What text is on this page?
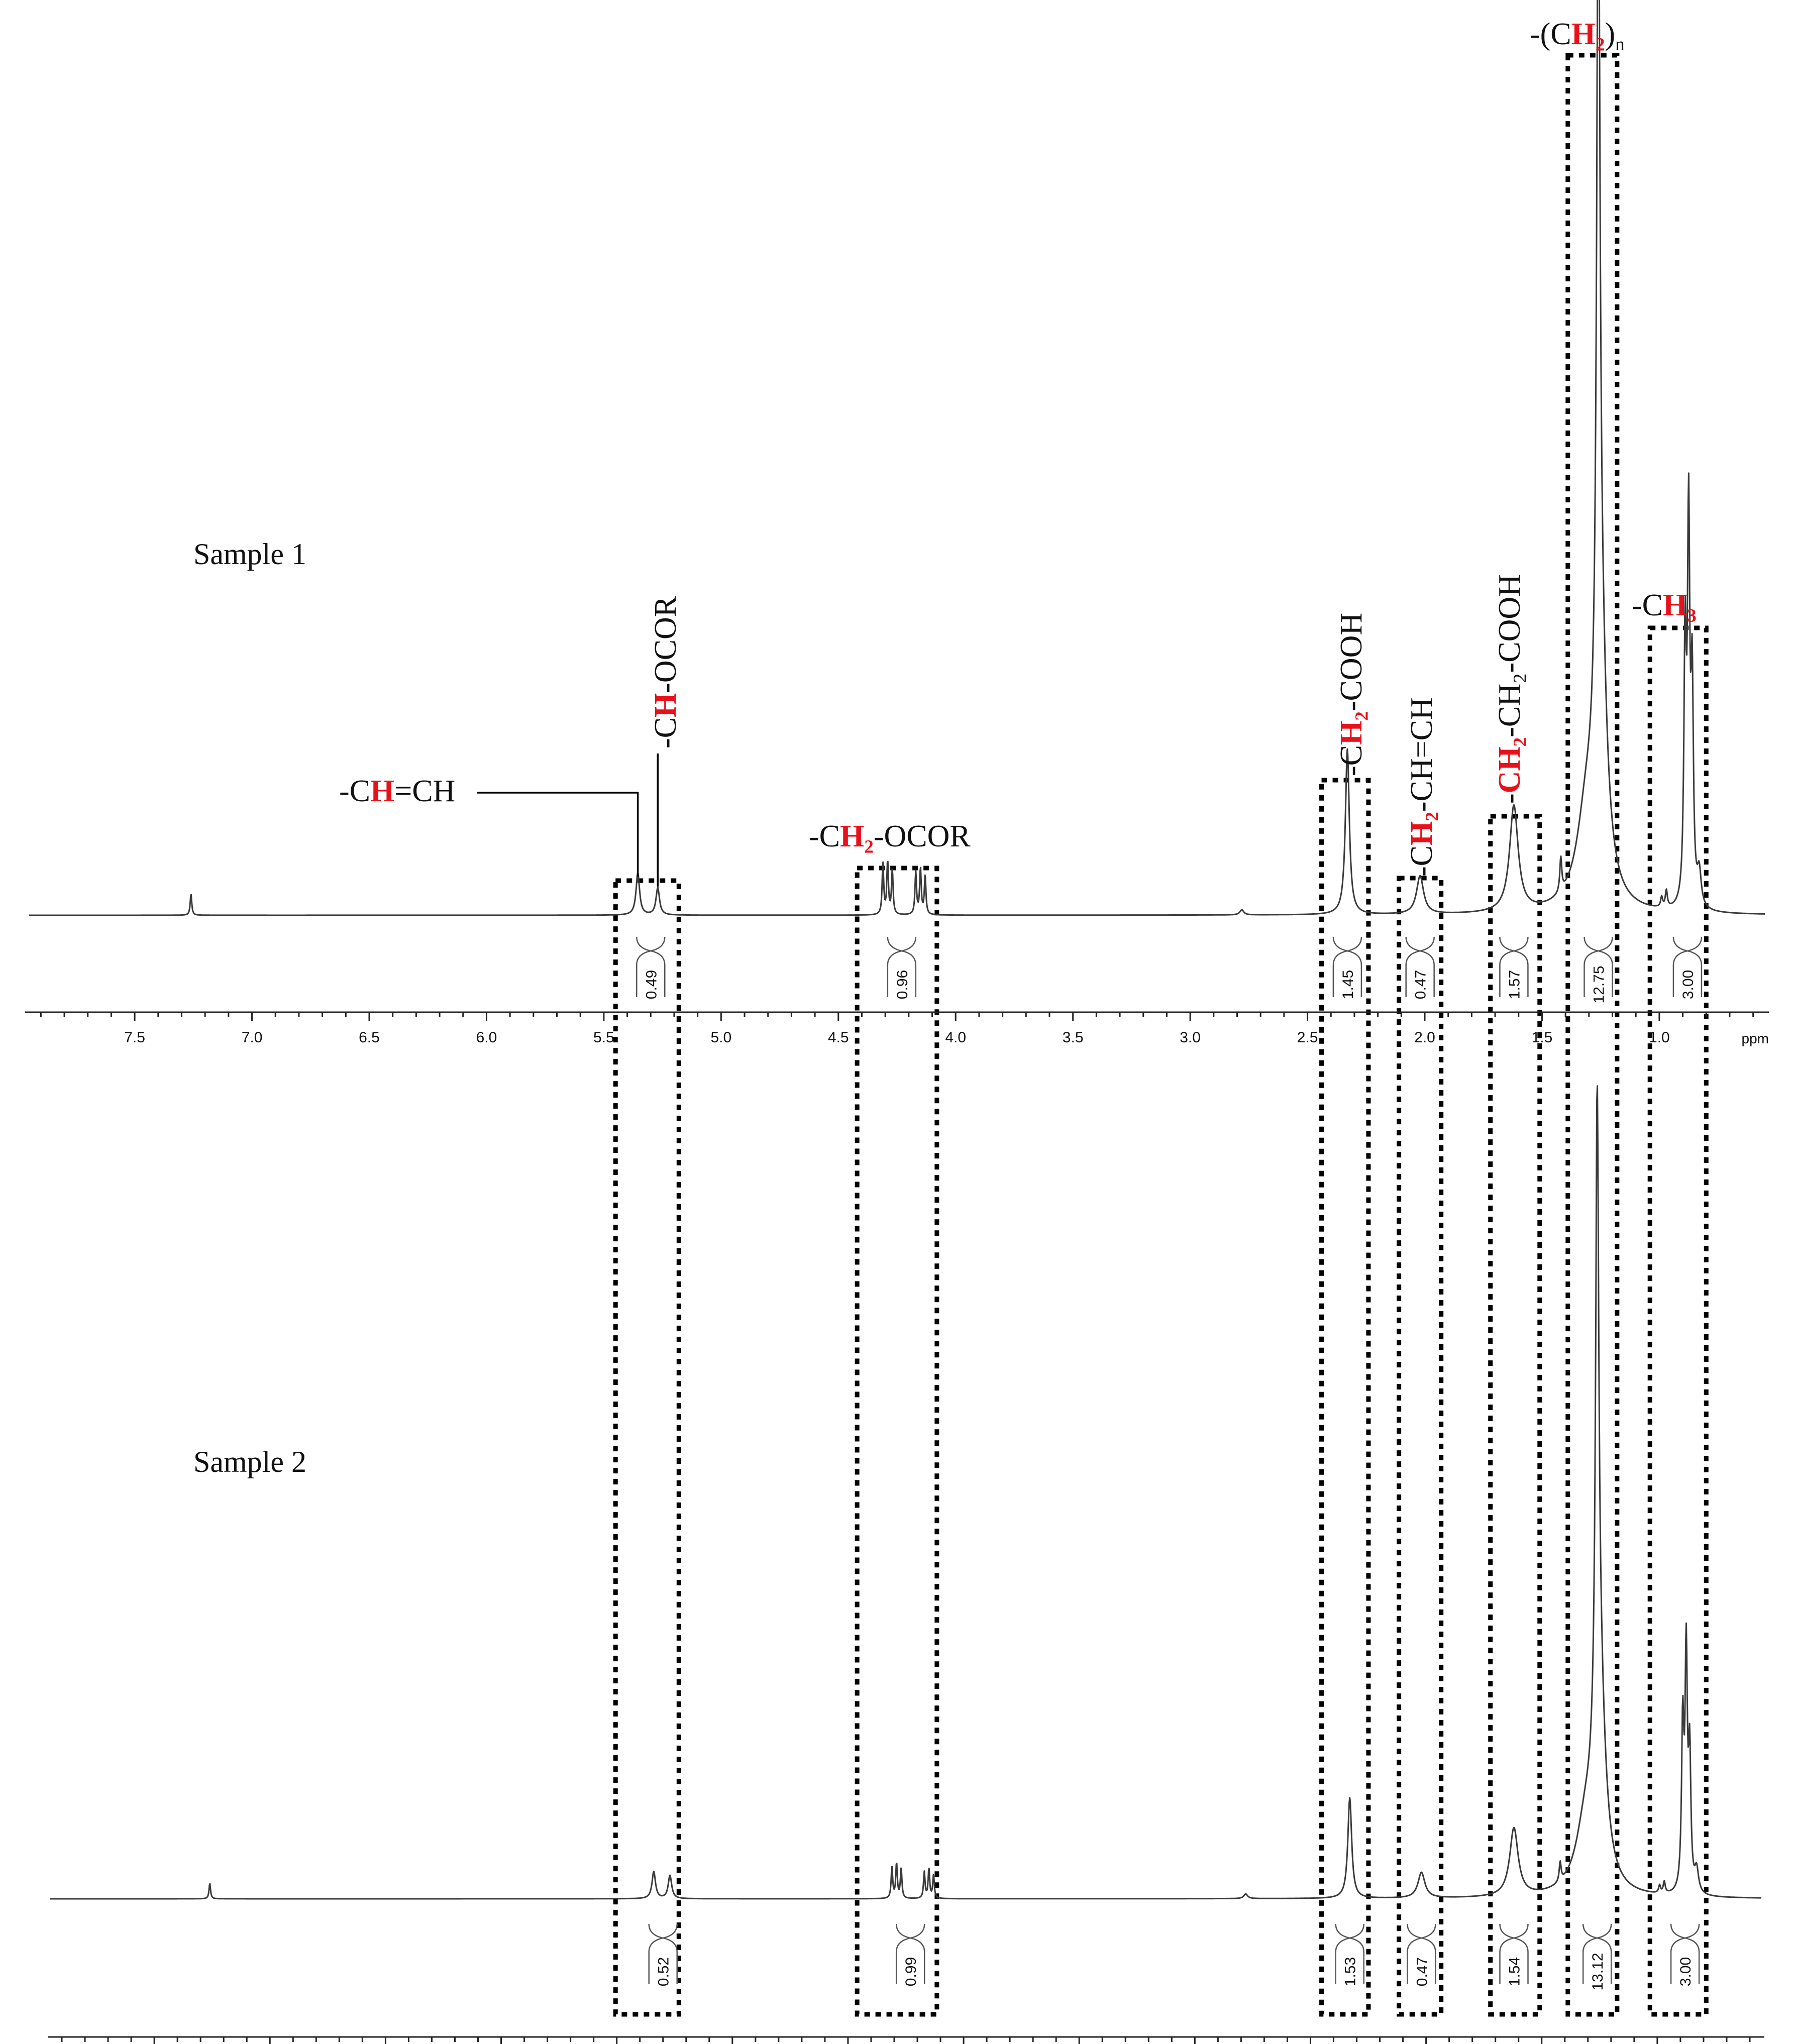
7.5	7.0	6.5	6.0	5.5	5.0	4.5	4.0	3.5	3.0	2.5	2.0	1.5	1.0	ppm
0.49	0.96	1.45	0.47	1.57	12.75	3.00
0.52	0.99	1.53	0.47	1.54	13.12	3.00
-CH=CH
-CH-OCOR
-CH₂-OCOR
-CH₂-COOH
-CH₂-CH=CH -CH₂-CH₂-COOH
-(CH₂)n
-CH₃
Sample 1
Sample 2
